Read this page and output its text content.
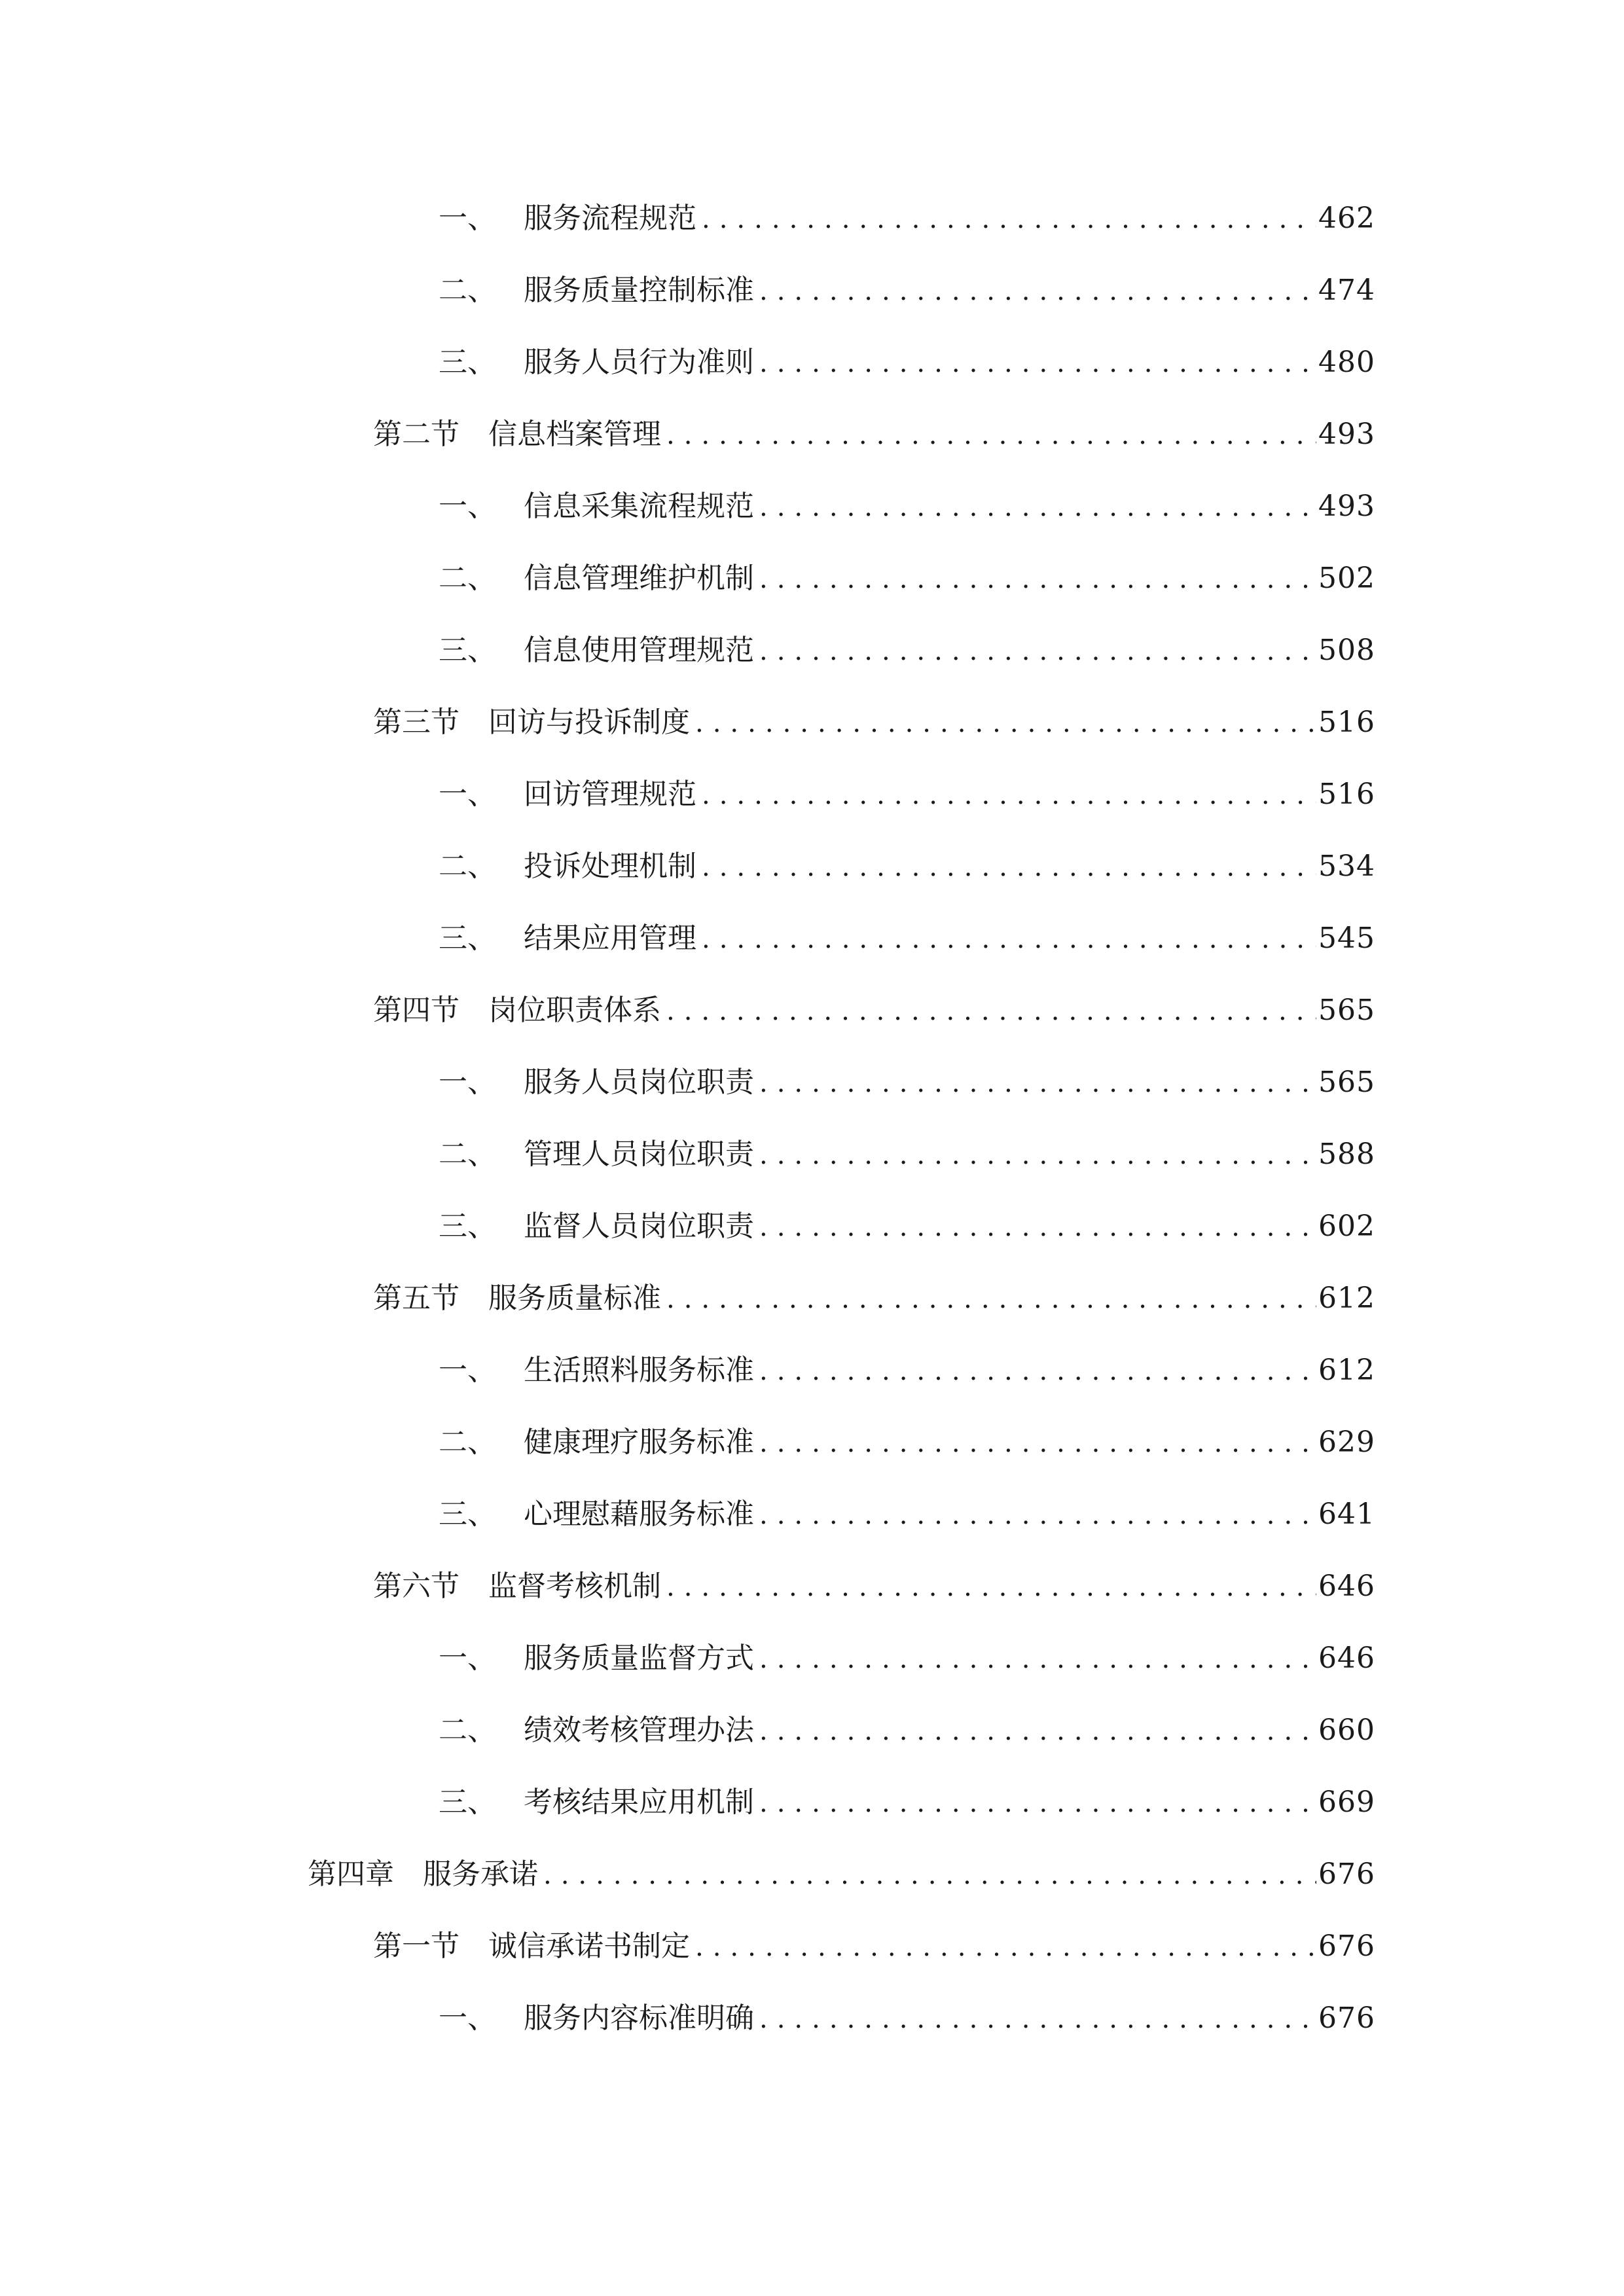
一、 服务流程规范 .....	462
二、 服务质量控制标准 .....	474
三、 服务人员行为准则 .....	480
第二节	信息档案管理 .....	493
一、 信息采集流程规范 .....	493
二、 信息管理维护机制 .....	502
三、 信息使用管理规范 .....	508
第三节	回访与投诉制度 .....	516
一、 回访管理规范 .....	516
二、 投诉处理机制 .....	534
三、 结果应用管理 .....	545
第四节	岗位职责体系 .....	565
一、 服务人员岗位职责 .....	565
二、 管理人员岗位职责 .....	588
三、 监督人员岗位职责 .....	602
第五节	服务质量标准 .....	612
一、 生活照料服务标准 .....	612
二、 健康理疗服务标准 .....	629
三、 心理慰藉服务标准 .....	641
第六节	监督考核机制 .....	646
一、 服务质量监督方式 .....	646
二、 绩效考核管理办法 .....	660
三、 考核结果应用机制 .....	669
第四章	服务承诺 .....	676
第一节	诚信承诺书制定 .....	676
一、 服务内容标准明确 .....	676
